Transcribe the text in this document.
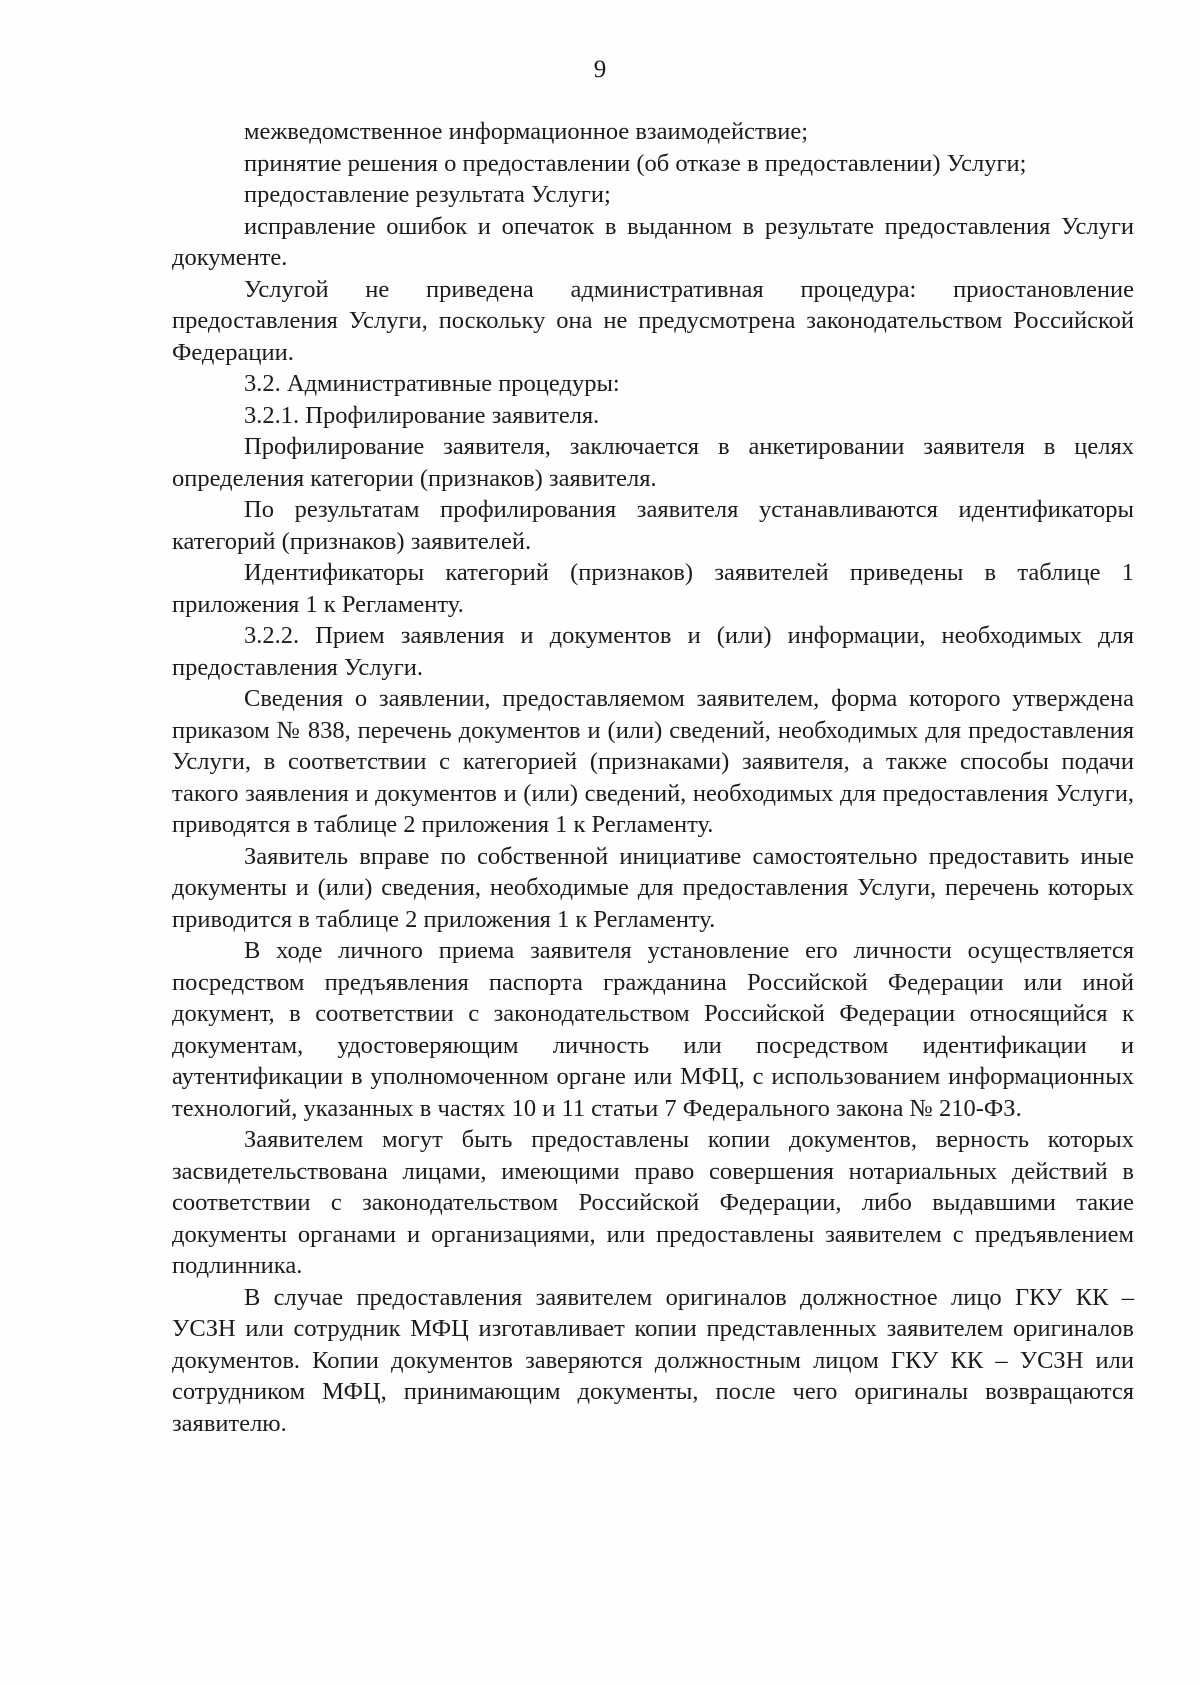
9

межведомственное информационное взаимодействие;

принятие решения о предоставлении (об отказе в предоставлении) Услуги;

предоставление результата Услуги;

исправление ошибок и опечаток в выданном в результате предоставления Услуги документе.

Услугой не приведена административная процедура: приостановление предоставления Услуги, поскольку она не предусмотрена законодательством Российской Федерации.

3.2. Административные процедуры:

3.2.1. Профилирование заявителя.

Профилирование заявителя, заключается в анкетировании заявителя в целях определения категории (признаков) заявителя.

По результатам профилирования заявителя устанавливаются идентификаторы категорий (признаков) заявителей.

Идентификаторы категорий (признаков) заявителей приведены в таблице 1 приложения 1 к Регламенту.

3.2.2. Прием заявления и документов и (или) информации, необходимых для предоставления Услуги.

Сведения о заявлении, предоставляемом заявителем, форма которого утверждена приказом № 838, перечень документов и (или) сведений, необходимых для предоставления Услуги, в соответствии с категорией (признаками) заявителя, а также способы подачи такого заявления и документов и (или) сведений, необходимых для предоставления Услуги, приводятся в таблице 2 приложения 1 к Регламенту.

Заявитель вправе по собственной инициативе самостоятельно предоставить иные документы и (или) сведения, необходимые для предоставления Услуги, перечень которых приводится в таблице 2 приложения 1 к Регламенту.

В ходе личного приема заявителя установление его личности осуществляется посредством предъявления паспорта гражданина Российской Федерации или иной документ, в соответствии с законодательством Российской Федерации относящийся к документам, удостоверяющим личность или посредством идентификации и аутентификации в уполномоченном органе или МФЦ, с использованием информационных технологий, указанных в частях 10 и 11 статьи 7 Федерального закона № 210-ФЗ.

Заявителем могут быть предоставлены копии документов, верность которых засвидетельствована лицами, имеющими право совершения нотариальных действий в соответствии с законодательством Российской Федерации, либо выдавшими такие документы органами и организациями, или предоставлены заявителем с предъявлением подлинника.

В случае предоставления заявителем оригиналов должностное лицо ГКУ КК – УСЗН или сотрудник МФЦ изготавливает копии представленных заявителем оригиналов документов. Копии документов заверяются должностным лицом ГКУ КК – УСЗН или сотрудником МФЦ, принимающим документы, после чего оригиналы возвращаются заявителю.
